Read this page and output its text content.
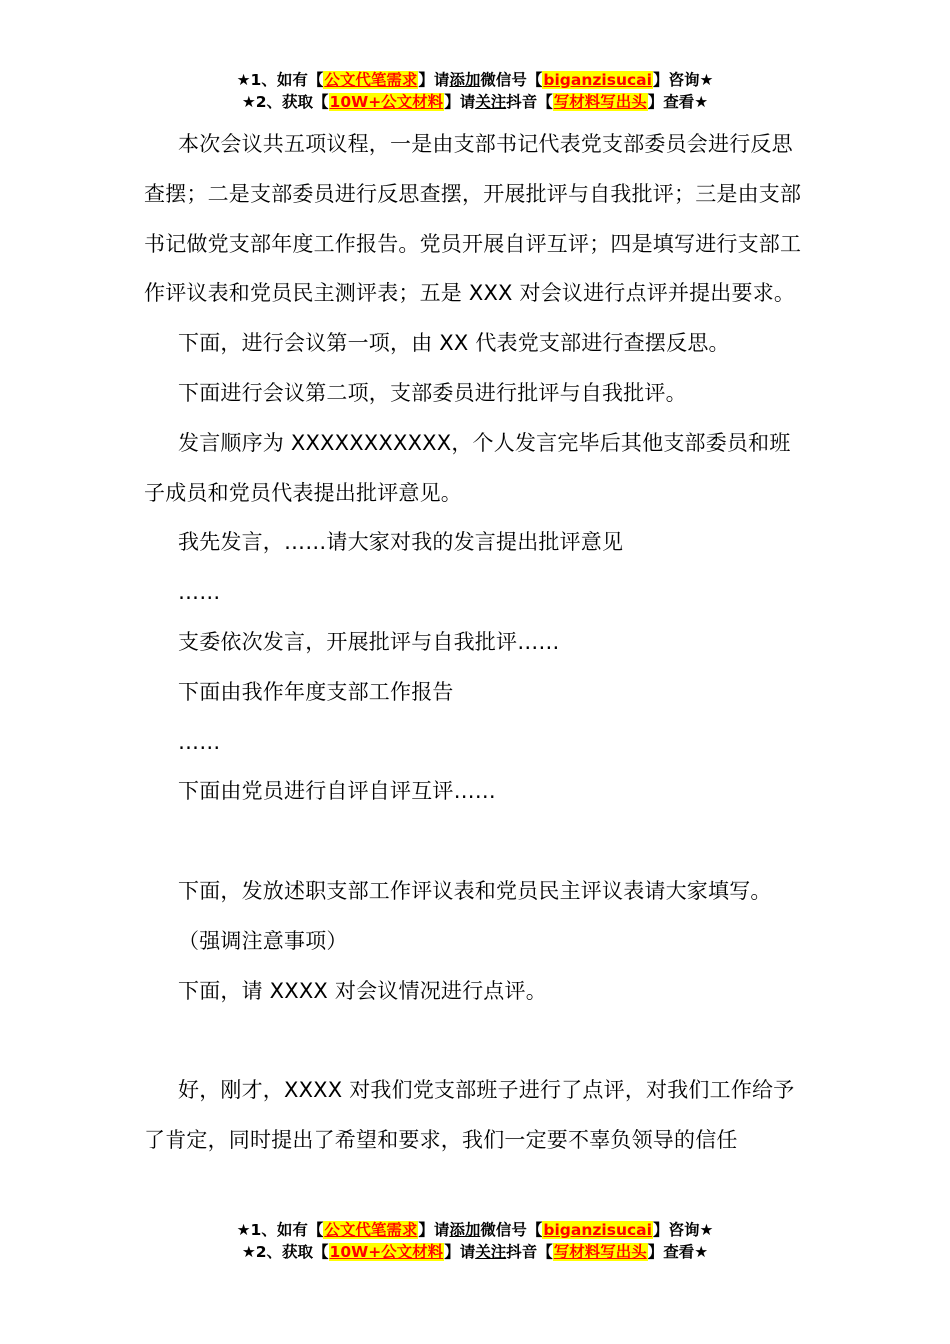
★1、如有【公文代笔需求】请添加微信号【biganzisucai】咨询★
★2、获取【10W+公文材料】请关注抖音【写材料写出头】查看★

本次会议共五项议程，一是由支部书记代表党支部委员会进行反思查摆；二是支部委员进行反思查摆，开展批评与自我批评；三是由支部书记做党支部年度工作报告。党员开展自评互评；四是填写进行支部工作评议表和党员民主测评表；五是 XXX 对会议进行点评并提出要求。

下面，进行会议第一项，由 XX 代表党支部进行查摆反思。

下面进行会议第二项，支部委员进行批评与自我批评。

发言顺序为 XXXXXXXXXXX，个人发言完毕后其他支部委员和班子成员和党员代表提出批评意见。

我先发言，……请大家对我的发言提出批评意见

……

支委依次发言，开展批评与自我批评……

下面由我作年度支部工作报告

……

下面由党员进行自评自评互评……

下面，发放述职支部工作评议表和党员民主评议表请大家填写。

（强调注意事项）

下面，请 XXXX 对会议情况进行点评。

好，刚才，XXXX 对我们党支部班子进行了点评，对我们工作给予了肯定，同时提出了希望和要求，我们一定要不辜负领导的信任

★1、如有【公文代笔需求】请添加微信号【biganzisucai】咨询★
★2、获取【10W+公文材料】请关注抖音【写材料写出头】查看★
